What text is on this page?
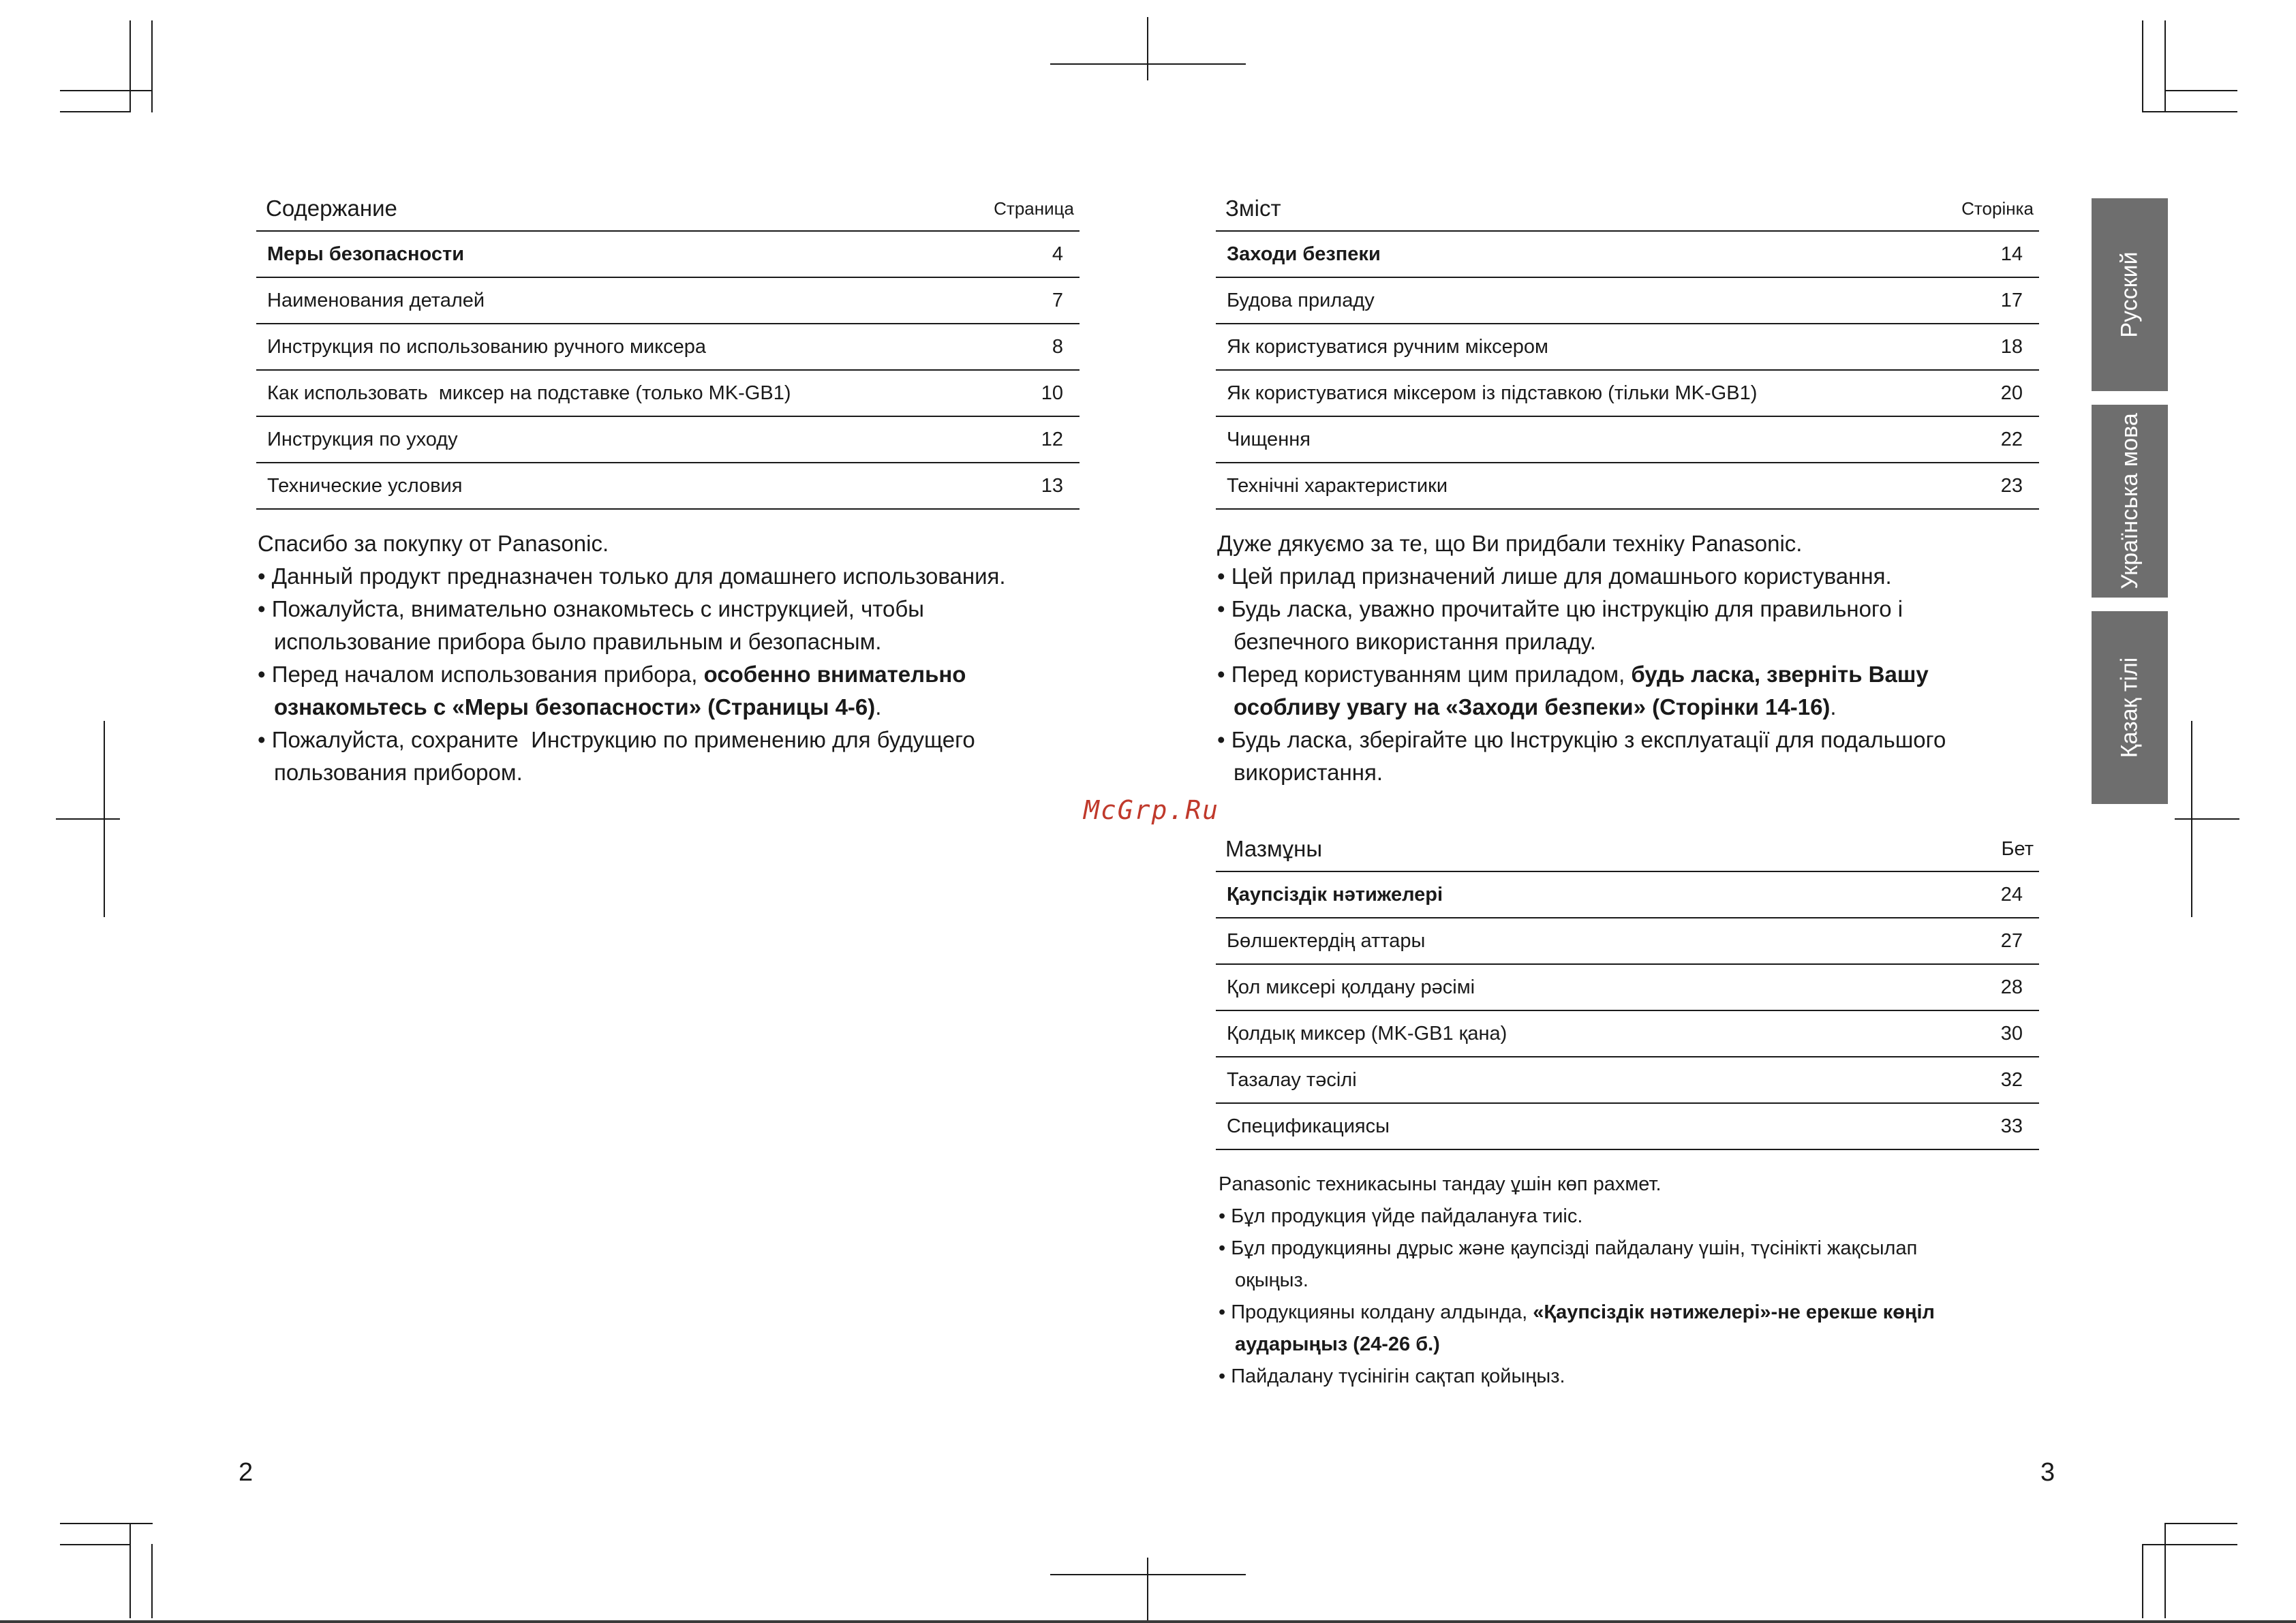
Содержание	Страница
Меры безопасности	4
Наименования деталей	7
Инструкция по использованию ручного миксера	8
Как использовать  миксер на подставке (только MK-GB1)	10
Инструкция по уходу	12
Технические условия	13
Спасибо за покупку от Panasonic.
• Данный продукт предназначен только для домашнего использования.
• Пожалуйста, внимательно ознакомьтесь с инструкцией, чтобы
использование прибора было правильным и безопасным.
• Перед началом использования прибора, особенно внимательно
ознакомьтесь с «Меры безопасности» (Страницы 4-6).
• Пожалуйста, сохраните  Инструкцию по применению для будущего
пользования прибором.
Зміст	Сторінка
Заходи безпеки	14
Будова приладу	17
Як користуватися ручним міксером	18
Як користуватися міксером із підставкою (тільки MK-GB1)	20
Чищення	22
Технічні характеристики	23
Дуже дякуємо за те, що Ви придбали техніку Panasonic.
• Цей прилад призначений лише для домашнього користування.
• Будь ласка, уважно прочитайте цю інструкцію для правильного і
безпечного використання приладу.
• Перед користуванням цим приладом, будь ласка, зверніть Вашу
особливу увагу на «Заходи безпеки» (Сторінки 14-16).
• Будь ласка, зберігайте цю Інструкцію з експлуатації для подальшого
використання.
McGrp.Ru
Мазмұны	Бет
Қаупсіздік нәтижелері	24
Бөлшектердің аттары	27
Қол миксері қолдану рәсімі	28
Қолдық миксер (MK-GB1 қана)	30
Тазалау тәсілі	32
Спецификациясы	33
Panasonic техникасыны тандау ұшін көп рахмет.
• Бұл продукция үйде пайдалануға тиіс.
• Бұл продукцияны дұрыс және қаупсізді пайдалану үшін, түсінікті жақсылап
оқыңыз.
• Продукцияны колдану алдында, «Қаупсіздік нәтижелері»-не ерекше көңіл
аударыңыз (24-26 б.)
• Пайдалану түсінігін сақтап қойыңыз.
Русский
Українська мова
Қазақ тілі
2	3
